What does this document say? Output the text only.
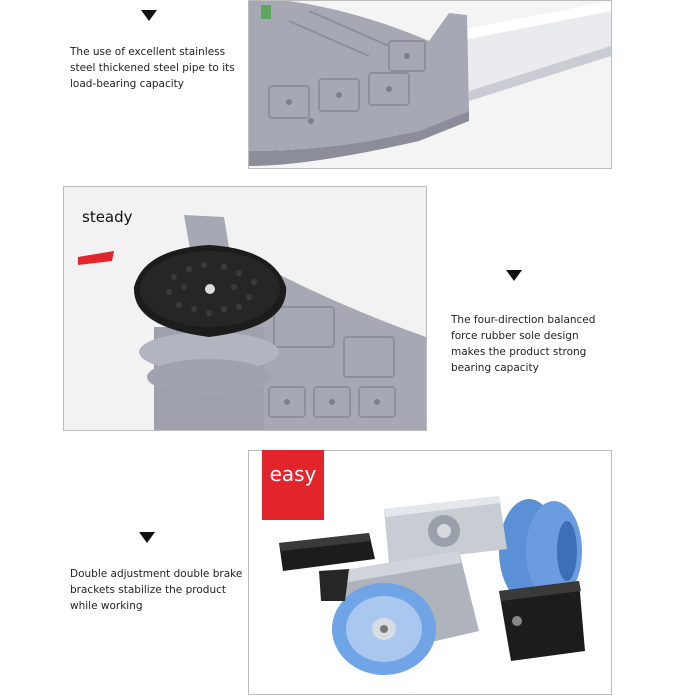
The use of excellent stainless
steel thickened steel pipe to its
load-bearing capacity
steady
The four-direction balanced
force rubber sole design
makes the product strong
bearing capacity
Double adjustment double brake
brackets stabilize the product
while working
easy
